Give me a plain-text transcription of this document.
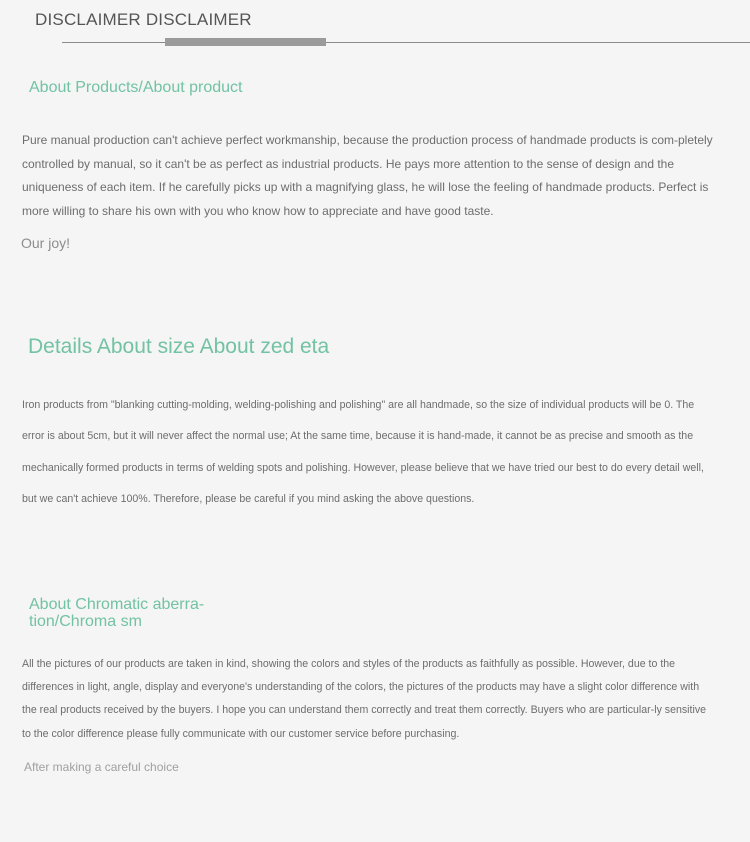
DISCLAIMER DISCLAIMER
About Products/About product

Pure manual production can't achieve perfect workmanship, because the production process of handmade products is com-pletely controlled by manual, so it can't be as perfect as industrial products. He pays more attention to the sense of design and the uniqueness of each item. If he carefully picks up with a magnifying glass, he will lose the feeling of handmade products. Perfect is more willing to share his own with you who know how to appreciate and have good taste.

Our joy!
Details About size About zed eta

Iron products from "blanking cutting-molding, welding-polishing and polishing" are all handmade, so the size of individual products will be 0. The error is about 5cm, but it will never affect the normal use; At the same time, because it is hand-made, it cannot be as precise and smooth as the mechanically formed products in terms of welding spots and polishing. However, please believe that we have tried our best to do every detail well, but we can't achieve 100%. Therefore, please be careful if you mind asking the above questions.

About Chromatic aberra-tion/Chroma sm

All the pictures of our products are taken in kind, showing the colors and styles of the products as faithfully as possible. However, due to the differences in light, angle, display and everyone's understanding of the colors, the pictures of the products may have a slight color difference with the real products received by the buyers. I hope you can understand them correctly and treat them correctly. Buyers who are particular-ly sensitive to the color difference please fully communicate with our customer service before purchasing.

After making a careful choice
